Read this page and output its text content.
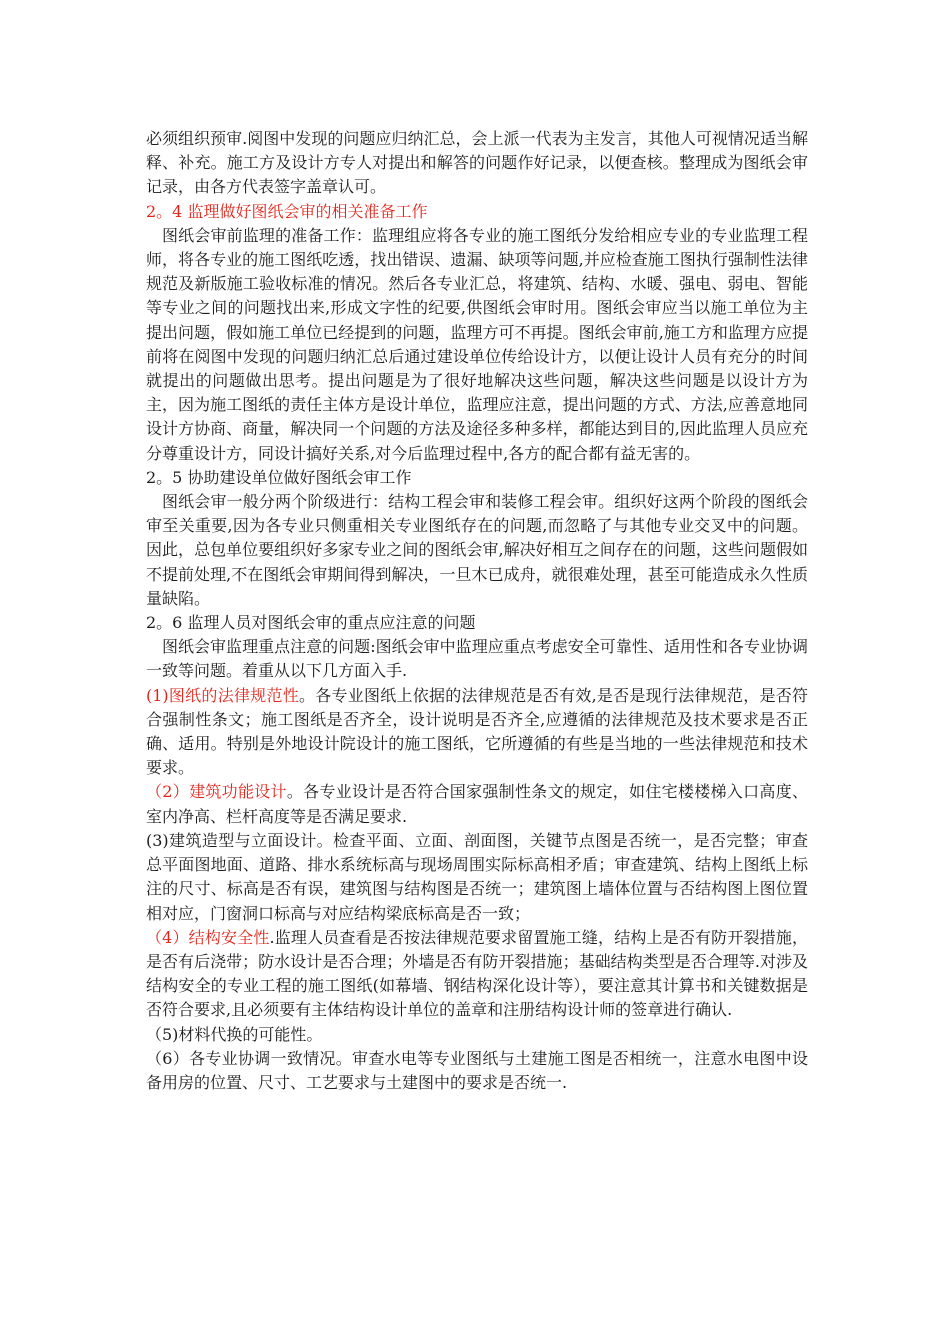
必须组织预审.阅图中发现的问题应归纳汇总，会上派一代表为主发言，其他人可视情况适当解释、补充。施工方及设计方专人对提出和解答的问题作好记录，以便查核。整理成为图纸会审记录，由各方代表签字盖章认可。

2。4 监理做好图纸会审的相关准备工作

图纸会审前监理的准备工作：监理组应将各专业的施工图纸分发给相应专业的专业监理工程师，将各专业的施工图纸吃透，找出错误、遗漏、缺项等问题,并应检查施工图执行强制性法律规范及新版施工验收标准的情况。然后各专业汇总，将建筑、结构、水暖、强电、弱电、智能等专业之间的问题找出来,形成文字性的纪要,供图纸会审时用。图纸会审应当以施工单位为主提出问题，假如施工单位已经提到的问题，监理方可不再提。图纸会审前,施工方和监理方应提前将在阅图中发现的问题归纳汇总后通过建设单位传给设计方，以便让设计人员有充分的时间就提出的问题做出思考。提出问题是为了很好地解决这些问题，解决这些问题是以设计方为主，因为施工图纸的责任主体方是设计单位，监理应注意，提出问题的方式、方法,应善意地同设计方协商、商量，解决同一个问题的方法及途径多种多样，都能达到目的,因此监理人员应充分尊重设计方，同设计搞好关系,对今后监理过程中,各方的配合都有益无害的。

2。5 协助建设单位做好图纸会审工作

图纸会审一般分两个阶级进行：结构工程会审和装修工程会审。组织好这两个阶段的图纸会审至关重要,因为各专业只侧重相关专业图纸存在的问题,而忽略了与其他专业交叉中的问题。因此，总包单位要组织好多家专业之间的图纸会审,解决好相互之间存在的问题，这些问题假如不提前处理,不在图纸会审期间得到解决，一旦木已成舟，就很难处理，甚至可能造成永久性质量缺陷。

2。6 监理人员对图纸会审的重点应注意的问题

图纸会审监理重点注意的问题:图纸会审中监理应重点考虑安全可靠性、适用性和各专业协调一致等问题。着重从以下几方面入手.

(1)图纸的法律规范性。各专业图纸上依据的法律规范是否有效,是否是现行法律规范，是否符合强制性条文；施工图纸是否齐全，设计说明是否齐全,应遵循的法律规范及技术要求是否正确、适用。特别是外地设计院设计的施工图纸，它所遵循的有些是当地的一些法律规范和技术要求。

（2）建筑功能设计。各专业设计是否符合国家强制性条文的规定，如住宅楼楼梯入口高度、室内净高、栏杆高度等是否满足要求.

(3)建筑造型与立面设计。检查平面、立面、剖面图，关键节点图是否统一，是否完整；审查总平面图地面、道路、排水系统标高与现场周围实际标高相矛盾；审查建筑、结构上图纸上标注的尺寸、标高是否有误，建筑图与结构图是否统一；建筑图上墙体位置与否结构图上图位置相对应，门窗洞口标高与对应结构梁底标高是否一致；

（4）结构安全性.监理人员查看是否按法律规范要求留置施工缝，结构上是否有防开裂措施，是否有后浇带；防水设计是否合理；外墙是否有防开裂措施；基础结构类型是否合理等.对涉及结构安全的专业工程的施工图纸(如幕墙、钢结构深化设计等），要注意其计算书和关键数据是否符合要求,且必须要有主体结构设计单位的盖章和注册结构设计师的签章进行确认.

（5)材料代换的可能性。

（6）各专业协调一致情况。审查水电等专业图纸与土建施工图是否相统一，注意水电图中设备用房的位置、尺寸、工艺要求与土建图中的要求是否统一.
